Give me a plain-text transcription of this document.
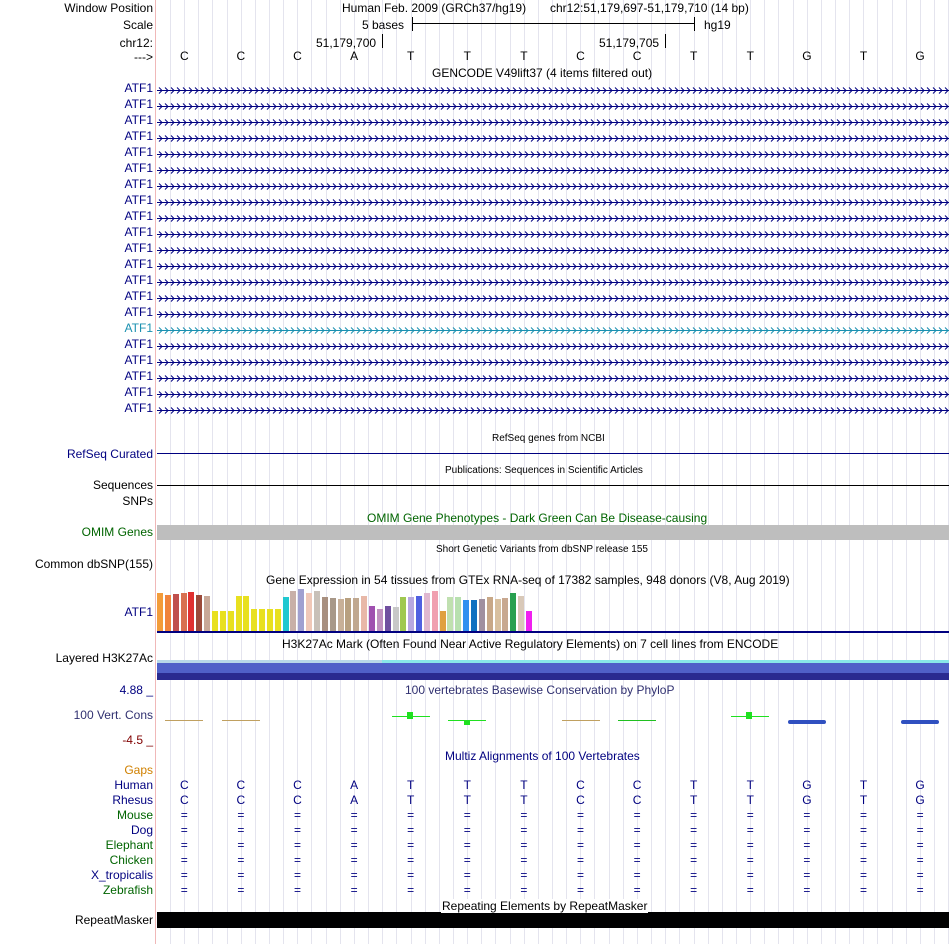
Window Position	Human Feb. 2009 (GRCh37/hg19) chr12:51,179,697-51,179,710 (14 bp)
Scale	5 bases	hg19
chr12:	51,179,700	51,179,705
--->	C	C	C	A	T	T	T	C	C	T	T	G	T	G
GENCODE V49lift37 (4 items filtered out)
ATF1
ATF1
ATF1
ATF1
ATF1
ATF1
ATF1
ATF1
ATF1
ATF1
ATF1
ATF1
ATF1
ATF1
ATF1
ATF1
ATF1
ATF1
ATF1
ATF1
ATF1
RefSeq genes from NCBI
RefSeq Curated
Publications: Sequences in Scientific Articles
Sequences
SNPs
OMIM Gene Phenotypes - Dark Green Can Be Disease-causing
OMIM Genes
Short Genetic Variants from dbSNP release 155
Common dbSNP(155)
Gene Expression in 54 tissues from GTEx RNA-seq of 17382 samples, 948 donors (V8, Aug 2019)
ATF1
H3K27Ac Mark (Often Found Near Active Regulatory Elements) on 7 cell lines from ENCODE
Layered H3K27Ac
4.88 _	100 vertebrates Basewise Conservation by PhyloP
100 Vert. Cons
-4.5 _
Multiz Alignments of 100 Vertebrates
Gaps
Human	C	C	C	A	T	T	T	C	C	T	T	G	T	G
Rhesus	C	C	C	A	T	T	T	C	C	T	T	G	T	G
Mouse	=	=	=	=	=	=	=	=	=	=	=	=	=	=
Dog	=	=	=	=	=	=	=	=	=	=	=	=	=	=
Elephant	=	=	=	=	=	=	=	=	=	=	=	=	=	=
Chicken	=	=	=	=	=	=	=	=	=	=	=	=	=	=
X_tropicalis	=	=	=	=	=	=	=	=	=	=	=	=	=	=
Zebrafish	=	=	=	=	=	=	=	=	=	=	=	=	=	=
Repeating Elements by RepeatMasker
RepeatMasker
